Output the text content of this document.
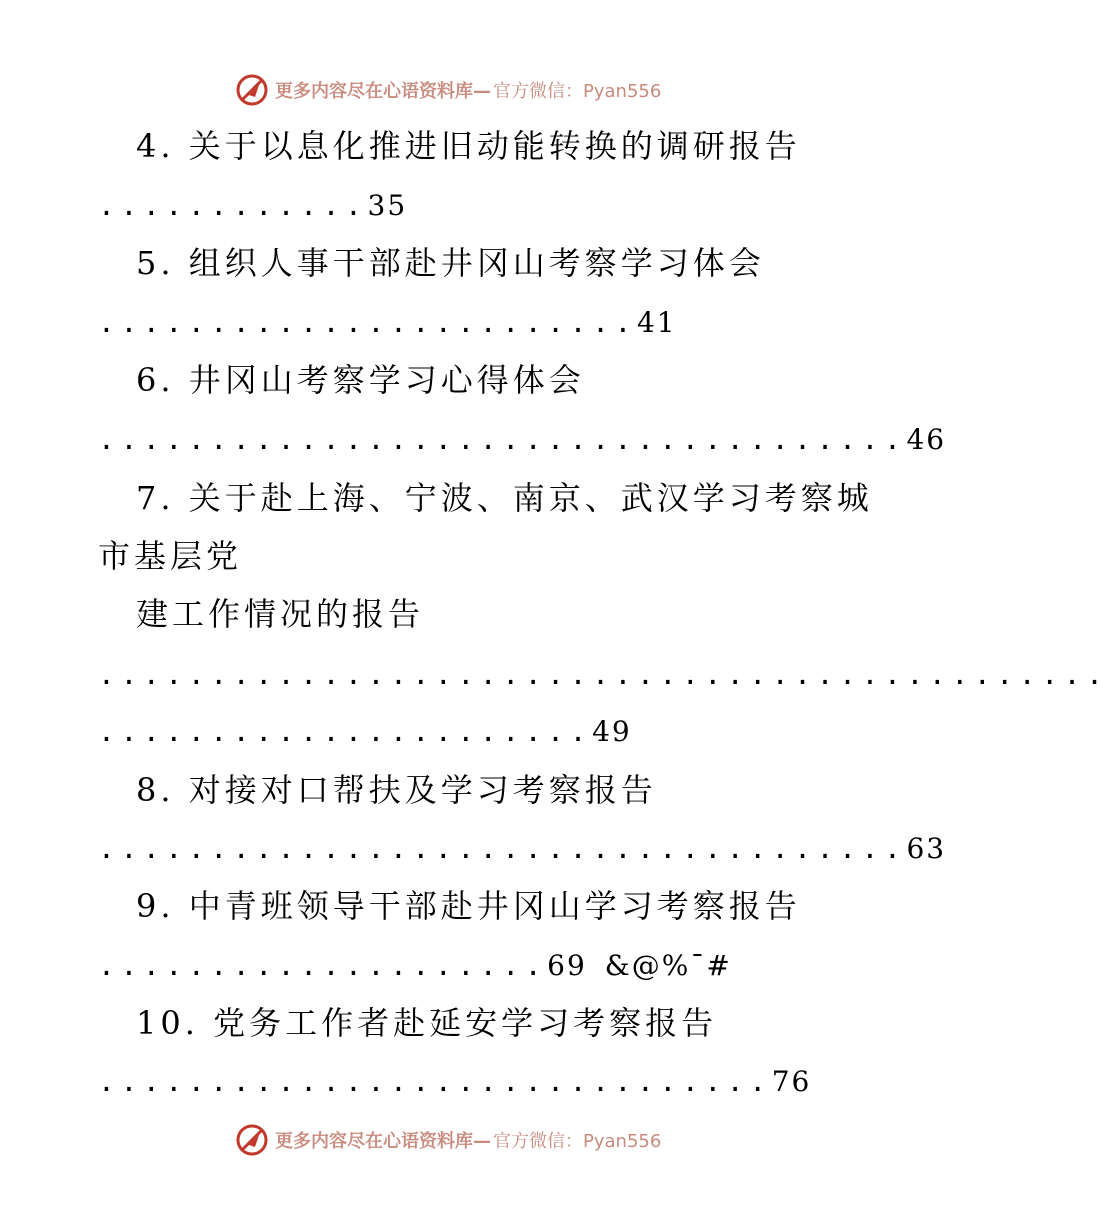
更多内容尽在心语资料库— 官方微信：Pyan556
4. 关于以息化推进旧动能转换的调研报告
............35
5. 组织人事干部赴井冈山考察学习体会
........................41
6. 井冈山考察学习心得体会
....................................46
7. 关于赴上海、宁波、南京、武汉学习考察城
市基层党
建工作情况的报告
.............................................
......................49
8. 对接对口帮扶及学习考察报告
....................................63
9. 中青班领导干部赴井冈山学习考察报告
....................69 &@%¯#
10. 党务工作者赴延安学习考察报告
..............................76
更多内容尽在心语资料库— 官方微信：Pyan556
